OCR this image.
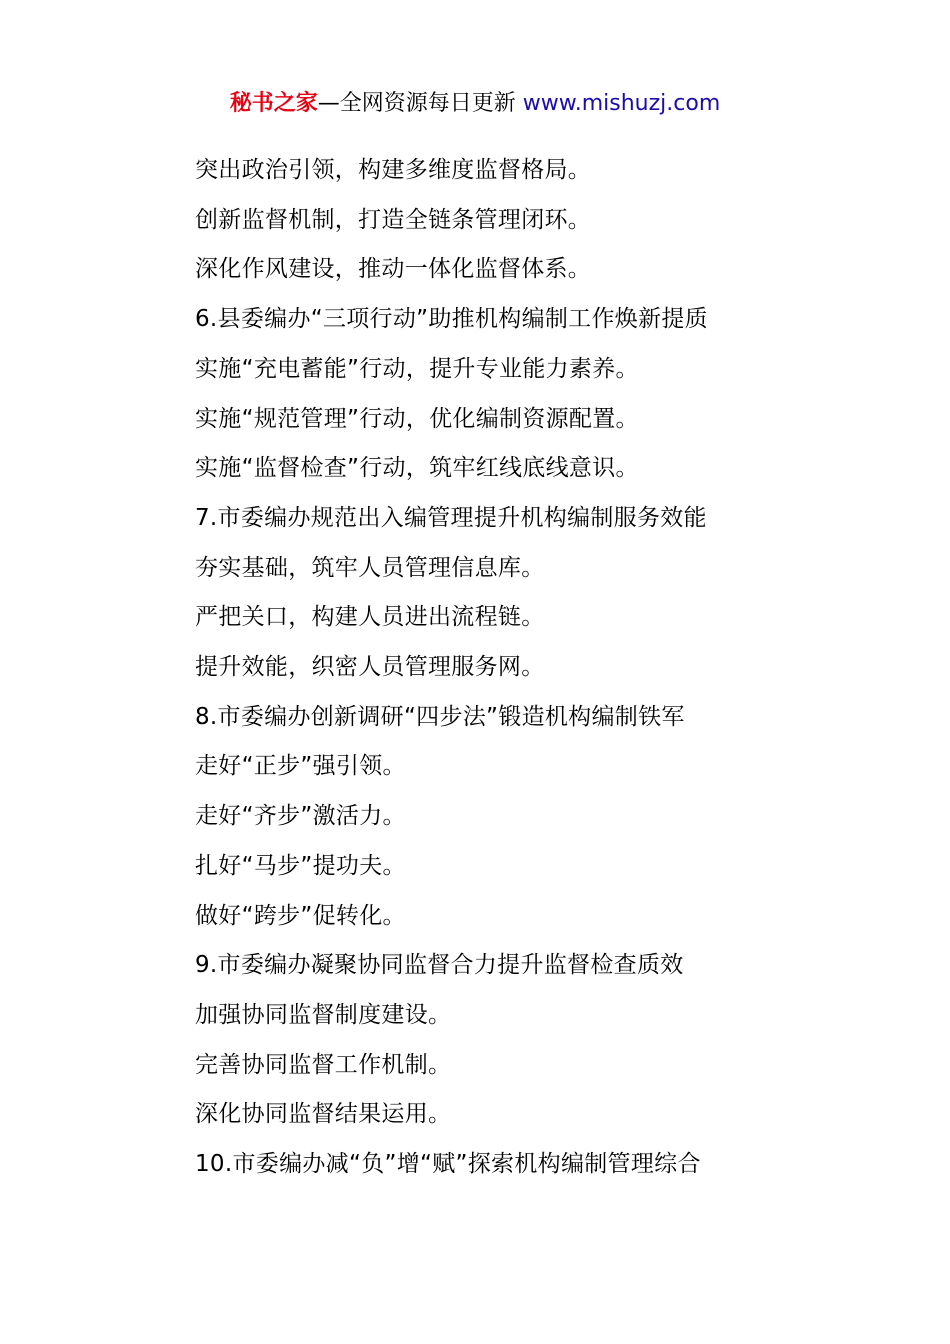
秘书之家—全网资源每日更新 www.mishuzj.com
突出政治引领，构建多维度监督格局。
创新监督机制，打造全链条管理闭环。
深化作风建设，推动一体化监督体系。
6.县委编办“三项行动”助推机构编制工作焕新提质
实施“充电蓄能”行动，提升专业能力素养。
实施“规范管理”行动，优化编制资源配置。
实施“监督检查”行动，筑牢红线底线意识。
7.市委编办规范出入编管理提升机构编制服务效能
夯实基础，筑牢人员管理信息库。
严把关口，构建人员进出流程链。
提升效能，织密人员管理服务网。
8.市委编办创新调研“四步法”锻造机构编制铁军
走好“正步”强引领。
走好“齐步”激活力。
扎好“马步”提功夫。
做好“跨步”促转化。
9.市委编办凝聚协同监督合力提升监督检查质效
加强协同监督制度建设。
完善协同监督工作机制。
深化协同监督结果运用。
10.市委编办减“负”增“赋”探索机构编制管理综合
